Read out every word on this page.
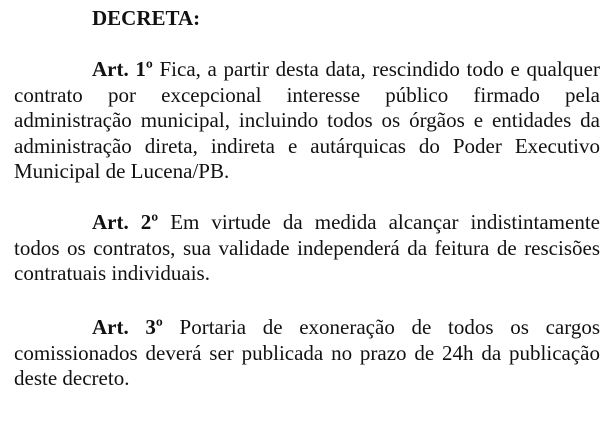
DECRETA:

Art. 1º Fica, a partir desta data, rescindido todo e qualquer contrato por excepcional interesse público firmado pela administração municipal, incluindo todos os órgãos e entidades da administração direta, indireta e autárquicas do Poder Executivo Municipal de Lucena/PB.

Art. 2º Em virtude da medida alcançar indistintamente todos os contratos, sua validade independerá da feitura de rescisões contratuais individuais.

Art. 3º Portaria de exoneração de todos os cargos comissionados deverá ser publicada no prazo de 24h da publicação deste decreto.
